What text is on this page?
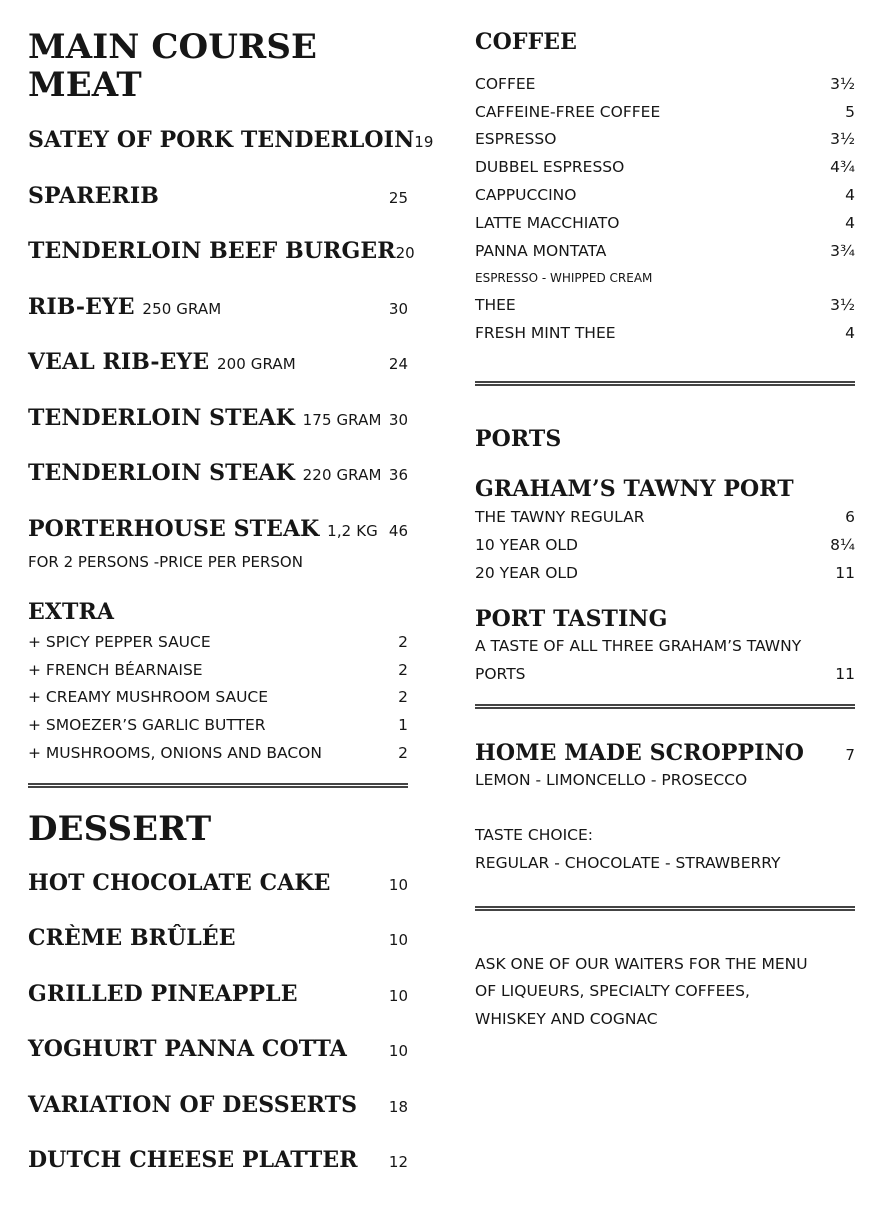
MAIN COURSE
MEAT
SATEY OF PORK TENDERLOIN 19
SPARERIB	25
TENDERLOIN BEEF BURGER 20
RIB-EYE 250 GRAM	30
VEAL RIB-EYE 200 GRAM	24
TENDERLOIN STEAK 175 GRAM 30
TENDERLOIN STEAK 220 GRAM 36
PORTERHOUSE STEAK 1,2 KG 46
FOR 2 PERSONS -PRICE PER PERSON
EXTRA
+ SPICY PEPPER SAUCE	2
+ FRENCH BÉARNAISE	2
+ CREAMY MUSHROOM SAUCE	2
+ SMOEZER’S GARLIC BUTTER	1
+ MUSHROOMS, ONIONS AND BACON	2
DESSERT
HOT CHOCOLATE CAKE	10
CRÈME BRÛLÉE	10
GRILLED PINEAPPLE	10
YOGHURT PANNA COTTA	10
VARIATION OF DESSERTS 18
DUTCH CHEESE PLATTER 12
COFFEE
COFFEE	3½
CAFFEINE-FREE COFFEE	5
ESPRESSO	3½
DUBBEL ESPRESSO	4¾
CAPPUCCINO	4
LATTE MACCHIATO	4
PANNA MONTATA	3¾
ESPRESSO - WHIPPED CREAM
THEE	3½
FRESH MINT THEE	4
PORTS
GRAHAM’S TAWNY PORT
THE TAWNY REGULAR	6
10 YEAR OLD	8¼
20 YEAR OLD	11
PORT TASTING
A TASTE OF ALL THREE GRAHAM’S TAWNY
PORTS	11
HOME MADE SCROPPINO	7

LEMON - LIMONCELLO - PROSECCO

TASTE CHOICE:

REGULAR - CHOCOLATE - STRAWBERRY

ASK ONE OF OUR WAITERS FOR THE MENU

OF LIQUEURS, SPECIALTY COFFEES,

WHISKEY AND COGNAC
